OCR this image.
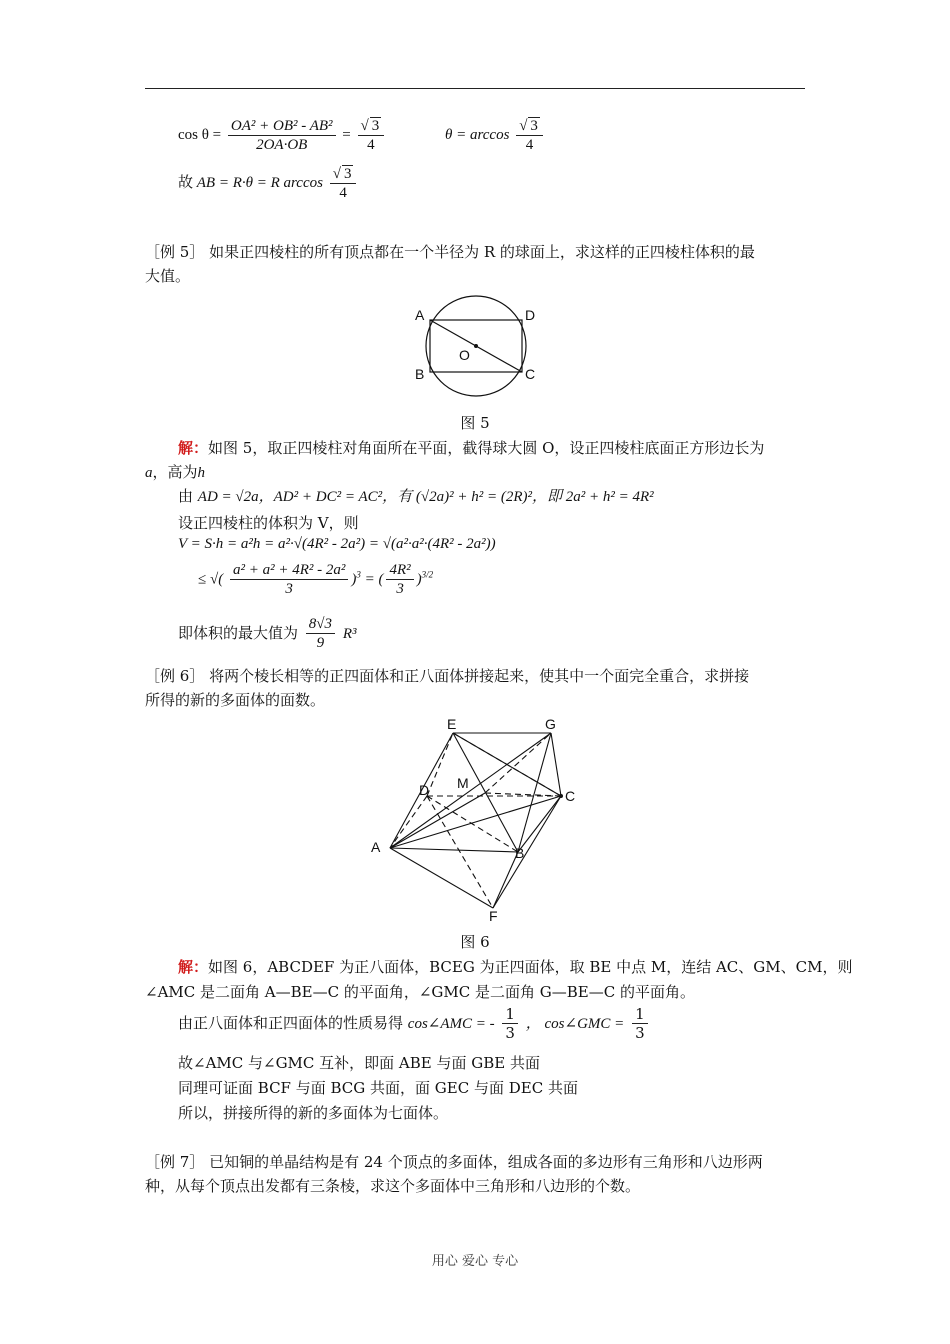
$\cos \theta = \frac{\text{OA² + OB² - AB²}}{2OA\cdot OB} = \frac{√ 3}{4}$	$\theta = \arccos \frac{√ 3}{4}$
故 AB = R·θ = R $\arccos \frac{√ 3}{4}$
［例 5］ 如果正四棱柱的所有顶点都在一个半径为 R 的球面上，求这样的正四棱柱体积的最
大值。
A	D
B	C
O
图 5
解：如图 5，取正四棱柱对角面所在平面，截得球大圆 O，设正四棱柱底面正方形边长为
a，高为h
由 AD = √2a，AD² + DC² = AC²，有 (√2a)² + h² = (2R)²，即 2a² + h² = 4R²
设正四棱柱的体积为 V，则
V = S·h = a²h = a²·√(4R² - 2a²) = √(a²·a²·(4R² - 2a²))
≤ √( $\frac{\text{a² + a² + 4R² - 2a²}}{3} )^3$ = ( $\frac{\text{4R²}}{3} )^{3/2}$
即体积的最大值为 $\frac{8√3}{9} R^3$
［例 6］ 将两个棱长相等的正四面体和正八面体拼接起来，使其中一个面完全重合，求拼接
所得的新的多面体的面数。
E	G
D M
C
A	B
F
图 6
解：如图 6，ABCDEF 为正八面体，BCEG 为正四面体，取 BE 中点 M，连结 AC、GM、CM，则
∠AMC 是二面角 A—BE—C 的平面角，∠GMC 是二面角 G—BE—C 的平面角。
由正八面体和正四面体的性质易得 cos∠AMC = - $\frac{1}{3}$ ， cos∠GMC = $\frac{1}{3}$
故∠AMC 与∠GMC 互补，即面 ABE 与面 GBE 共面
同理可证面 BCF 与面 BCG 共面，面 GEC 与面 DEC 共面
所以，拼接所得的新的多面体为七面体。
［例 7］ 已知铜的单晶结构是有 24 个顶点的多面体，组成各面的多边形有三角形和八边形两
种，从每个顶点出发都有三条棱，求这个多面体中三角形和八边形的个数。
用心 爱心 专心
